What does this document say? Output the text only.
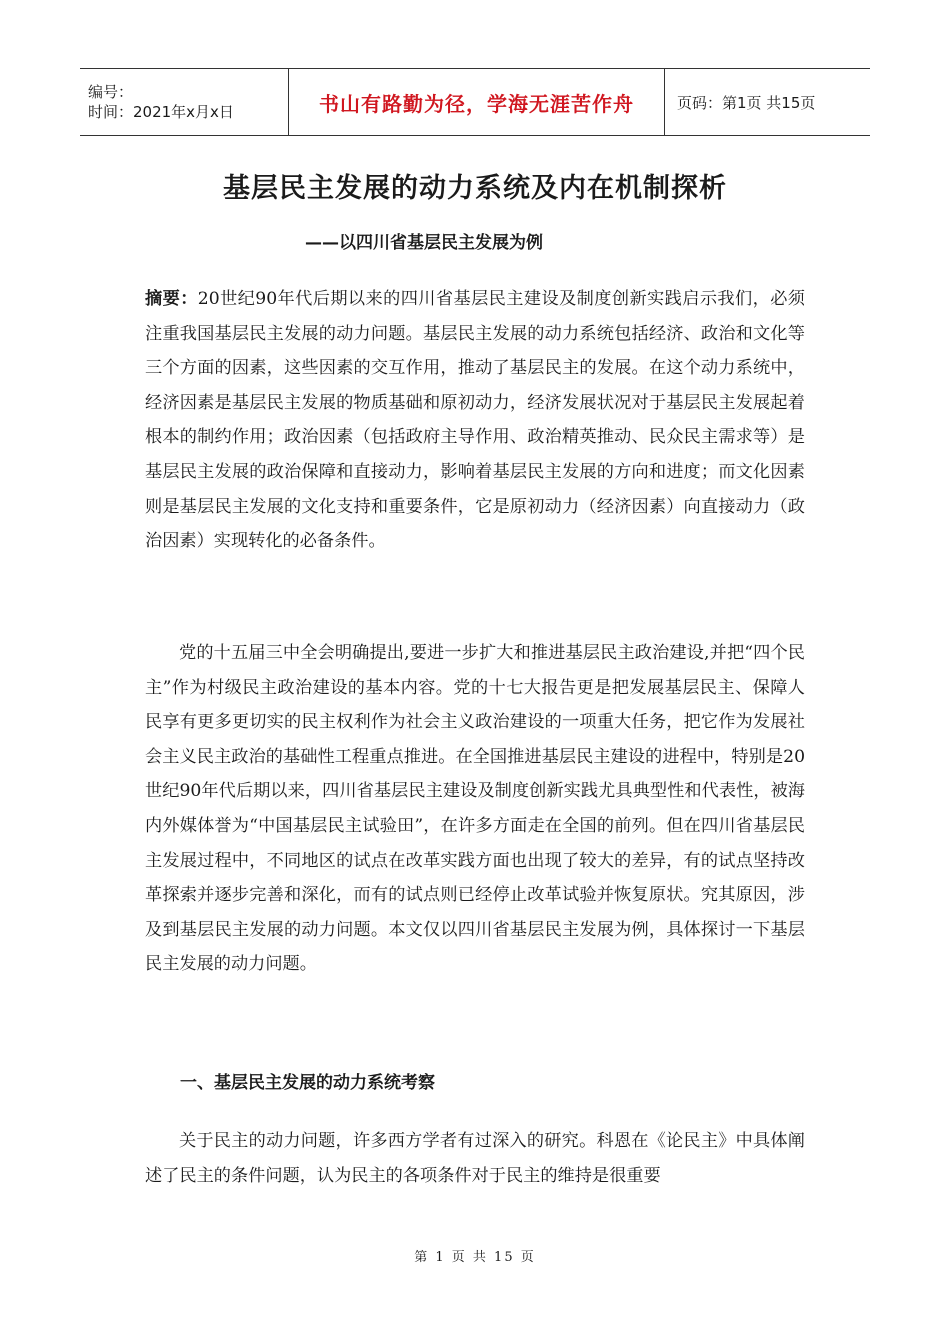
编号：
时间：2021年x月x日	书山有路勤为径，学海无涯苦作舟	页码：第1页 共15页
基层民主发展的动力系统及内在机制探析
——以四川省基层民主发展为例
摘要：20世纪90年代后期以来的四川省基层民主建设及制度创新实践启示我们，必须注重我国基层民主发展的动力问题。基层民主发展的动力系统包括经济、政治和文化等三个方面的因素，这些因素的交互作用，推动了基层民主的发展。在这个动力系统中，经济因素是基层民主发展的物质基础和原初动力，经济发展状况对于基层民主发展起着根本的制约作用；政治因素（包括政府主导作用、政治精英推动、民众民主需求等）是基层民主发展的政治保障和直接动力，影响着基层民主发展的方向和进度；而文化因素则是基层民主发展的文化支持和重要条件，它是原初动力（经济因素）向直接动力（政治因素）实现转化的必备条件。
党的十五届三中全会明确提出,要进一步扩大和推进基层民主政治建设,并把“四个民主”作为村级民主政治建设的基本内容。党的十七大报告更是把发展基层民主、保障人民享有更多更切实的民主权利作为社会主义政治建设的一项重大任务，把它作为发展社会主义民主政治的基础性工程重点推进。在全国推进基层民主建设的进程中，特别是20世纪90年代后期以来，四川省基层民主建设及制度创新实践尤具典型性和代表性，被海内外媒体誉为“中国基层民主试验田”，在许多方面走在全国的前列。但在四川省基层民主发展过程中，不同地区的试点在改革实践方面也出现了较大的差异，有的试点坚持改革探索并逐步完善和深化，而有的试点则已经停止改革试验并恢复原状。究其原因，涉及到基层民主发展的动力问题。本文仅以四川省基层民主发展为例，具体探讨一下基层民主发展的动力问题。
一、基层民主发展的动力系统考察
关于民主的动力问题，许多西方学者有过深入的研究。科恩在《论民主》中具体阐述了民主的条件问题，认为民主的各项条件对于民主的维持是很重要
第 1 页 共 15 页
